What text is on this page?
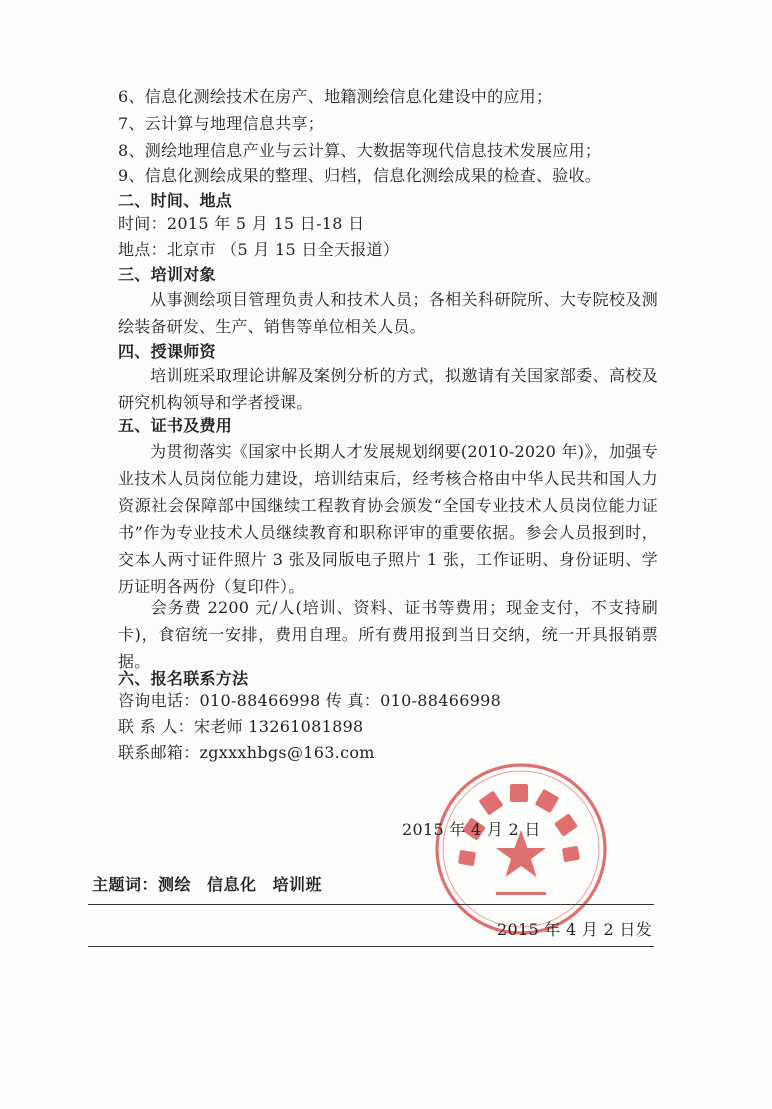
6、信息化测绘技术在房产、地籍测绘信息化建设中的应用；
7、云计算与地理信息共享；
8、测绘地理信息产业与云计算、大数据等现代信息技术发展应用；
9、信息化测绘成果的整理、归档，信息化测绘成果的检查、验收。
二、时间、地点
时间：2015 年 5 月 15 日-18 日
地点：北京市 （5 月 15 日全天报道）
三、培训对象
从事测绘项目管理负责人和技术人员；各相关科研院所、大专院校及测绘装备研发、生产、销售等单位相关人员。
四、授课师资
培训班采取理论讲解及案例分析的方式，拟邀请有关国家部委、高校及研究机构领导和学者授课。
五、证书及费用
为贯彻落实《国家中长期人才发展规划纲要(2010-2020 年)》，加强专业技术人员岗位能力建设，培训结束后，经考核合格由中华人民共和国人力资源社会保障部中国继续工程教育协会颁发“全国专业技术人员岗位能力证书”作为专业技术人员继续教育和职称评审的重要依据。参会人员报到时，交本人两寸证件照片 3 张及同版电子照片 1 张，工作证明、身份证明、学历证明各两份（复印件）。
会务费 2200 元/人(培训、资料、证书等费用；现金支付，不支持刷卡)，食宿统一安排，费用自理。所有费用报到当日交纳，统一开具报销票据。
六、报名联系方法
咨询电话：010-88466998 传 真：010-88466998
联 系 人：宋老师 13261081898
联系邮箱：zgxxxhbgs@163.com
2015 年 4 月 2 日
主题词：测绘 信息化 培训班
2015 年 4 月 2 日发
